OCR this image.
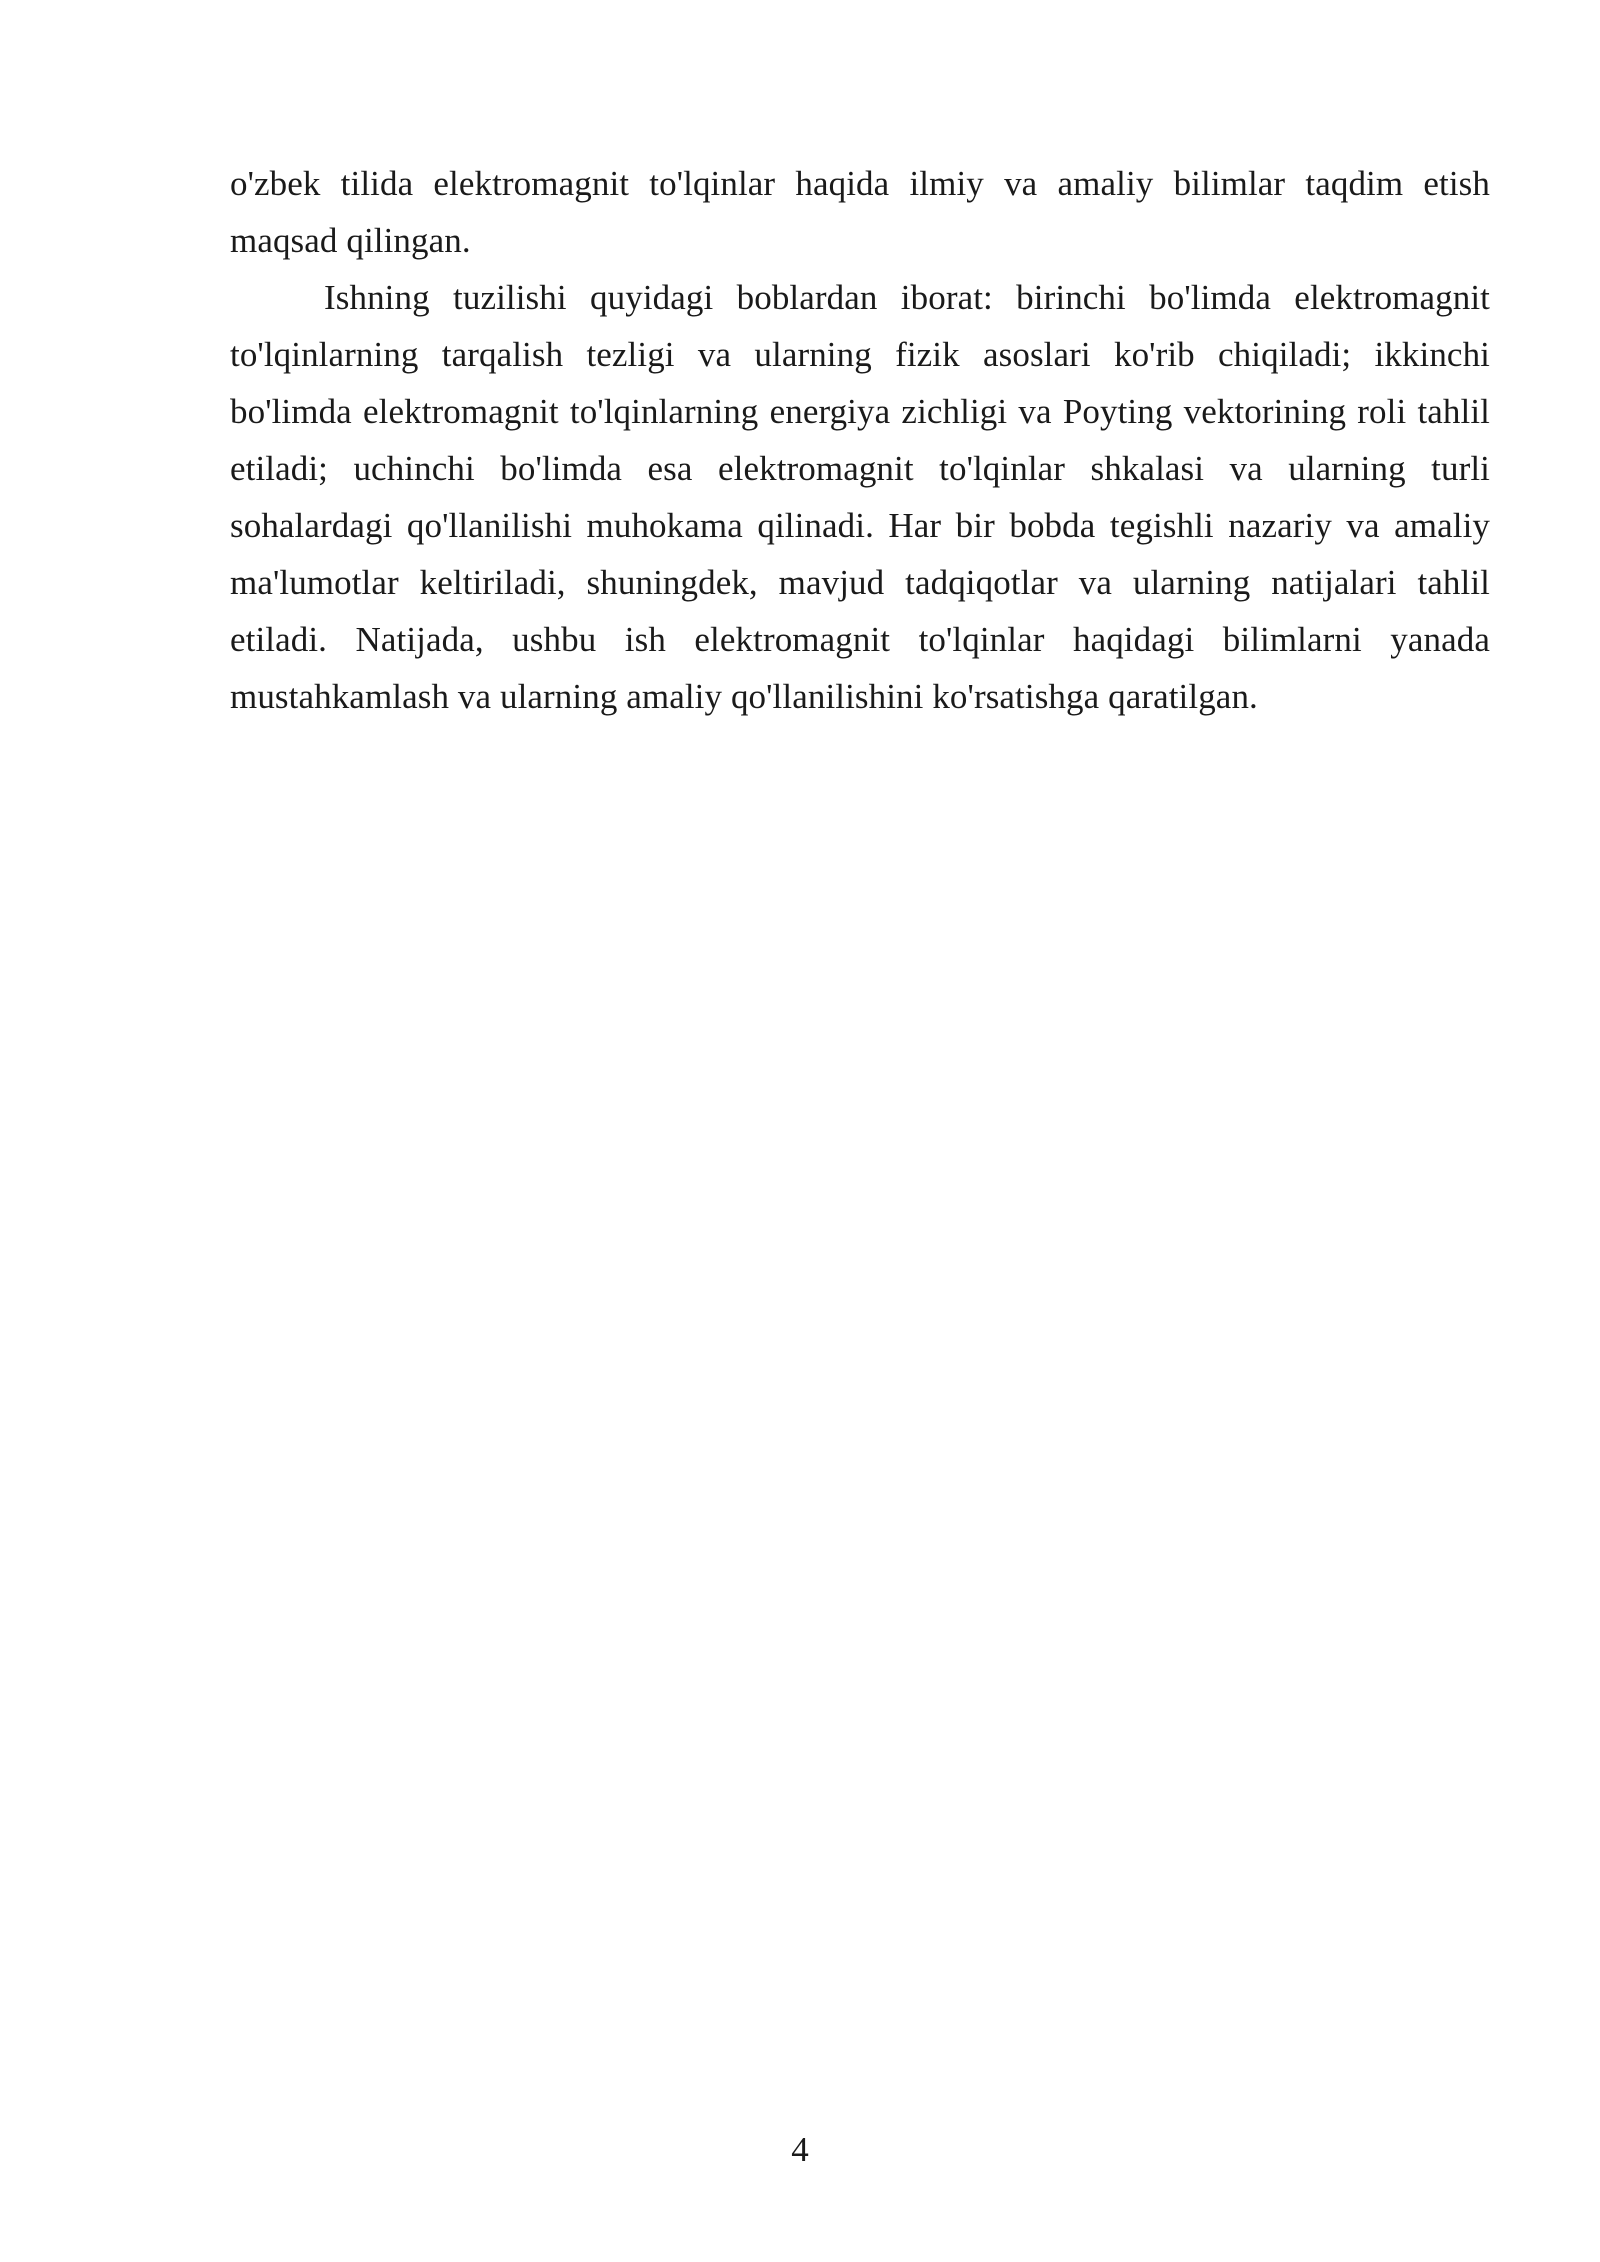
o'zbek tilida elektromagnit to'lqinlar haqida ilmiy va amaliy bilimlar taqdim etish maqsad qilingan.

Ishning tuzilishi quyidagi boblardan iborat: birinchi bo'limda elektromagnit to'lqinlarning tarqalish tezligi va ularning fizik asoslari ko'rib chiqiladi; ikkinchi bo'limda elektromagnit to'lqinlarning energiya zichligi va Poyting vektorining roli tahlil etiladi; uchinchi bo'limda esa elektromagnit to'lqinlar shkalasi va ularning turli sohalardagi qo'llanilishi muhokama qilinadi. Har bir bobda tegishli nazariy va amaliy ma'lumotlar keltiriladi, shuningdek, mavjud tadqiqotlar va ularning natijalari tahlil etiladi. Natijada, ushbu ish elektromagnit to'lqinlar haqidagi bilimlarni yanada mustahkamlash va ularning amaliy qo'llanilishini ko'rsatishga qaratilgan.

4
